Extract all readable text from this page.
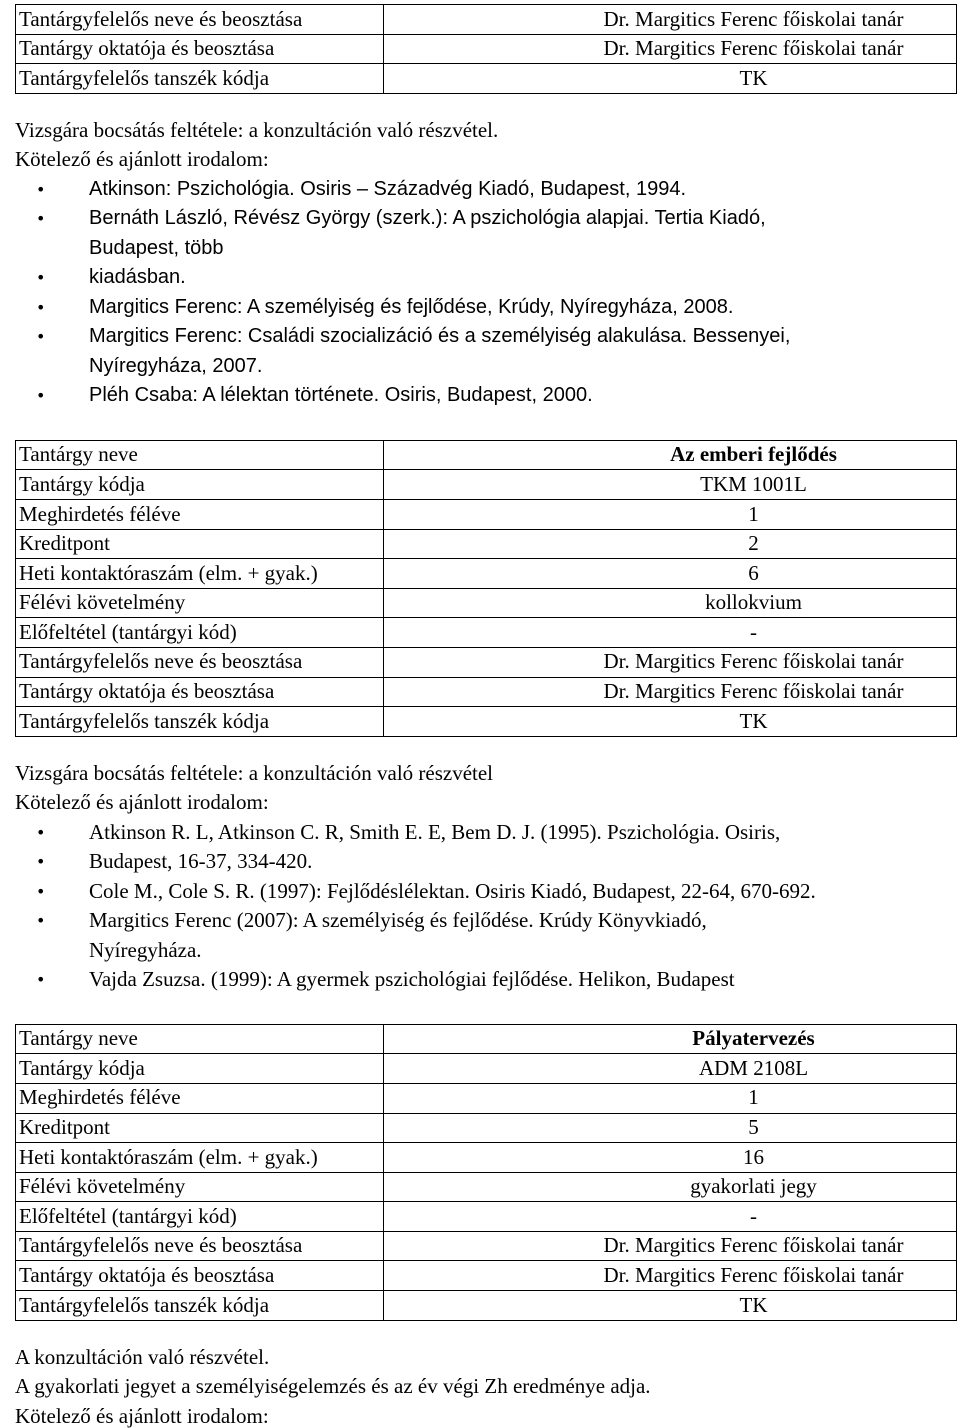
Tantárgyfelelős neve és beosztása	Dr. Margitics Ferenc főiskolai tanár
Tantárgy oktatója és beosztása	Dr. Margitics Ferenc főiskolai tanár
Tantárgyfelelős tanszék kódja	TK
Vizsgára bocsátás feltétele: a konzultáción való részvétel.
Kötelező és ajánlott irodalom:
• Atkinson: Pszichológia. Osiris – Századvég Kiadó, Budapest, 1994.
• Bernáth László, Révész György (szerk.): A pszichológia alapjai. Tertia Kiadó,
Budapest, több
• kiadásban.
• Margitics Ferenc: A személyiség és fejlődése, Krúdy, Nyíregyháza, 2008.
• Margitics Ferenc: Családi szocializáció és a személyiség alakulása. Bessenyei,
Nyíregyháza, 2007.
• Pléh Csaba: A lélektan története. Osiris, Budapest, 2000.
Tantárgy neve	Az emberi fejlődés
Tantárgy kódja	TKM 1001L
Meghirdetés féléve	1
Kreditpont	2
Heti kontaktóraszám (elm. + gyak.)	6
Félévi követelmény	kollokvium
Előfeltétel (tantárgyi kód)	-
Tantárgyfelelős neve és beosztása	Dr. Margitics Ferenc főiskolai tanár
Tantárgy oktatója és beosztása	Dr. Margitics Ferenc főiskolai tanár
Tantárgyfelelős tanszék kódja	TK
Vizsgára bocsátás feltétele: a konzultáción való részvétel
Kötelező és ajánlott irodalom:
• Atkinson R. L, Atkinson C. R, Smith E. E, Bem D. J. (1995). Pszichológia. Osiris,
• Budapest, 16-37, 334-420.
• Cole M., Cole S. R. (1997): Fejlődéslélektan. Osiris Kiadó, Budapest, 22-64, 670-692.
• Margitics Ferenc (2007): A személyiség és fejlődése. Krúdy Könyvkiadó,
Nyíregyháza.
• Vajda Zsuzsa. (1999): A gyermek pszichológiai fejlődése. Helikon, Budapest
Tantárgy neve	Pályatervezés
Tantárgy kódja	ADM 2108L
Meghirdetés féléve	1
Kreditpont	5
Heti kontaktóraszám (elm. + gyak.)	16
Félévi követelmény	gyakorlati jegy
Előfeltétel (tantárgyi kód)	-
Tantárgyfelelős neve és beosztása	Dr. Margitics Ferenc főiskolai tanár
Tantárgy oktatója és beosztása	Dr. Margitics Ferenc főiskolai tanár
Tantárgyfelelős tanszék kódja	TK
A konzultáción való részvétel.
A gyakorlati jegyet a személyiségelemzés és az év végi Zh eredménye adja.
Kötelező és ajánlott irodalom:
